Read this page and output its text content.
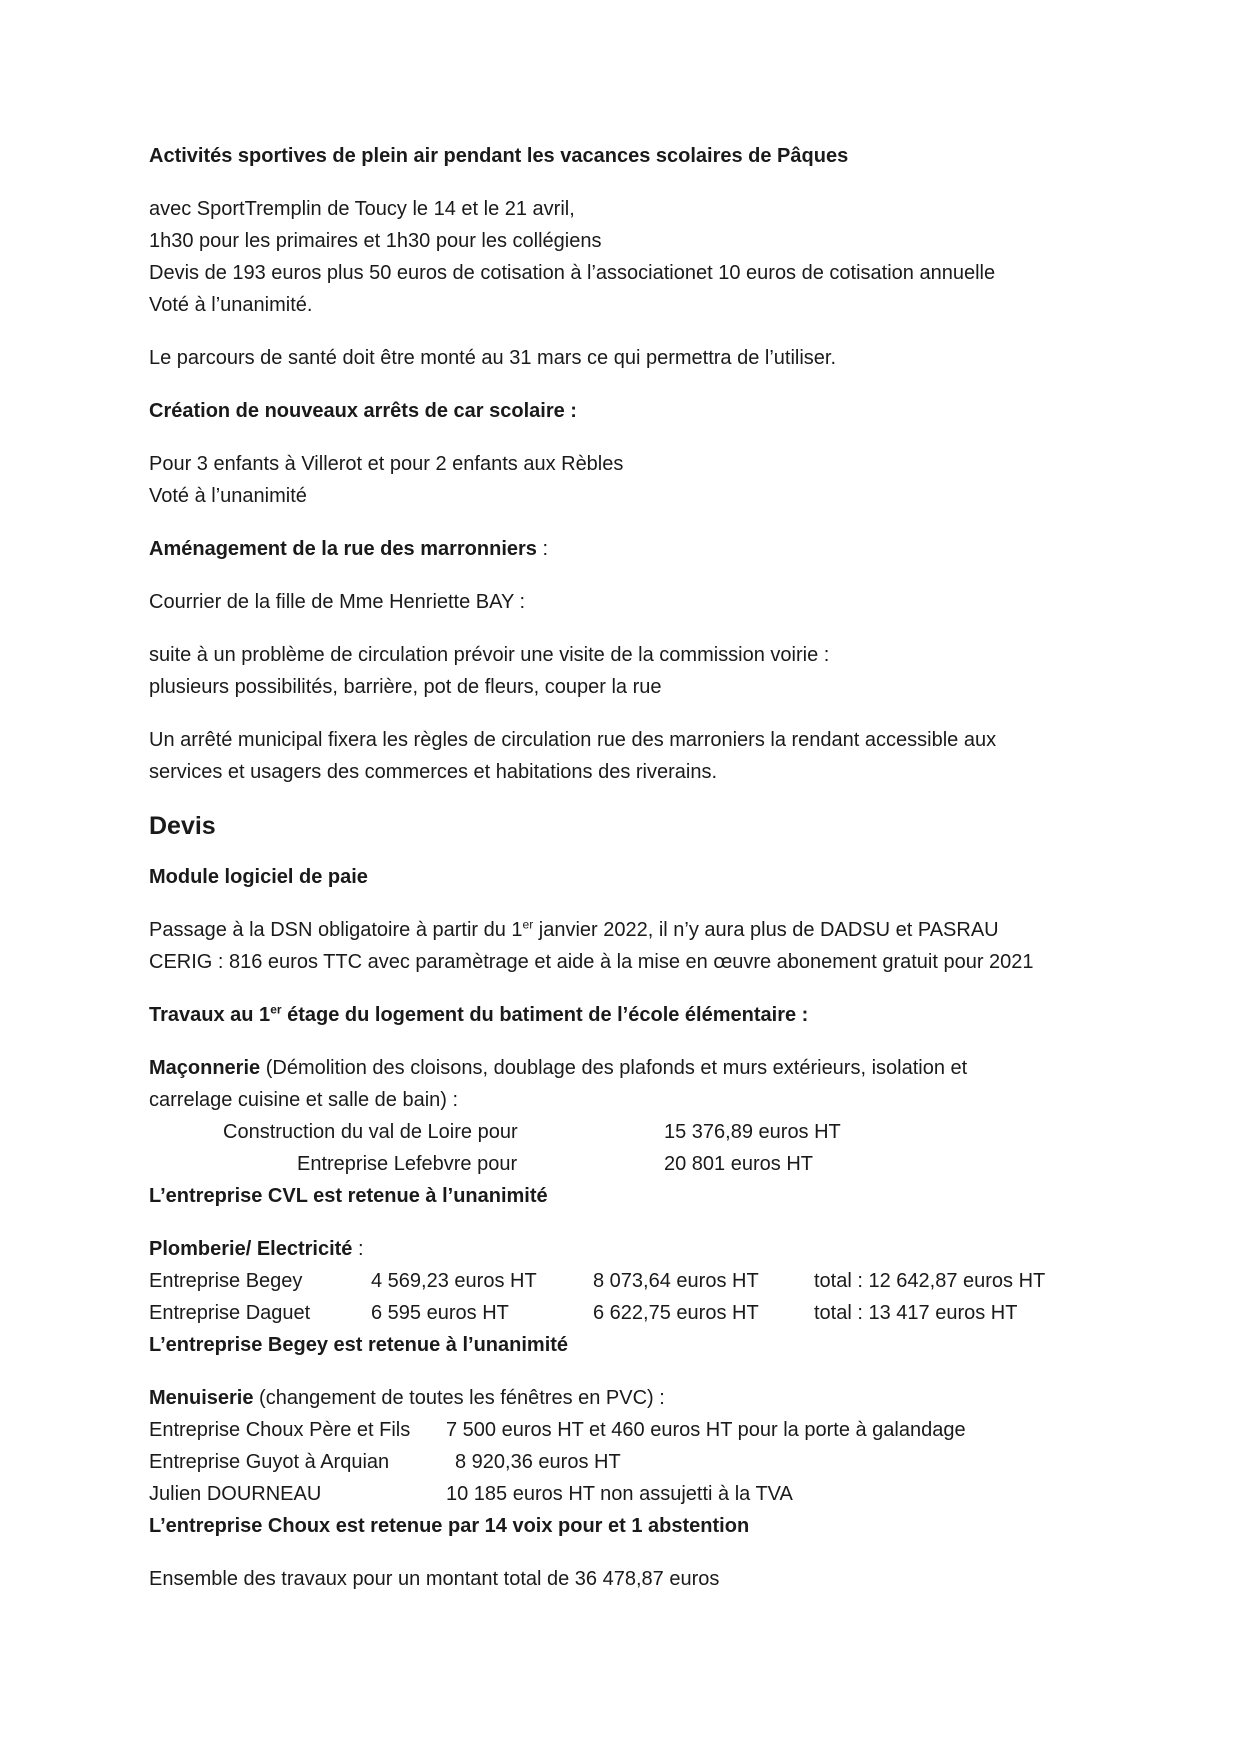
Activités sportives de plein air pendant les vacances scolaires de Pâques
avec SportTremplin de Toucy le 14 et le 21 avril,
1h30 pour les primaires et 1h30 pour les collégiens
Devis de 193 euros plus 50 euros de cotisation à l’associationet 10 euros de cotisation annuelle
Voté à l’unanimité.
Le parcours de santé doit être monté au 31 mars ce qui permettra de l’utiliser.
Création de nouveaux arrêts de car scolaire :
Pour 3 enfants à Villerot et pour 2 enfants aux Rèbles
Voté à l’unanimité
Aménagement de la rue des marronniers :
Courrier de la fille de Mme Henriette BAY :
suite à un problème de circulation prévoir une visite de la commission voirie :
plusieurs possibilités, barrière, pot de fleurs, couper la rue
Un arrêté municipal fixera les règles de circulation rue des marroniers la rendant accessible aux
services et usagers des commerces et habitations des riverains.
Devis
Module logiciel de paie
Passage à la DSN obligatoire à partir du 1er janvier 2022, il n’y aura plus de DADSU et PASRAU
CERIG : 816 euros TTC avec paramètrage et aide à la mise en œuvre abonement gratuit pour 2021
Travaux au 1er étage du logement du batiment de l’école élémentaire :
Maçonnerie (Démolition des cloisons, doublage des plafonds et murs extérieurs, isolation et
carrelage cuisine et salle de bain) :
Construction du val de Loire pour	15 376,89 euros HT
Entreprise Lefebvre pour	20 801 euros HT
L’entreprise CVL est retenue à l’unanimité
Plomberie/ Electricité :
Entreprise Begey	4 569,23 euros HT	8 073,64 euros HT	total : 12 642,87 euros HT
Entreprise Daguet	6 595 euros HT	6 622,75 euros HT	total : 13 417 euros HT
L’entreprise Begey est retenue à l’unanimité
Menuiserie (changement de toutes les fénêtres en PVC) :
Entreprise Choux Père et Fils 7 500 euros HT et 460 euros HT pour la porte à galandage
Entreprise Guyot à Arquian	8 920,36 euros HT
Julien DOURNEAU	10 185 euros HT non assujetti à la TVA
L’entreprise Choux est retenue par 14 voix pour et 1 abstention
Ensemble des travaux pour un montant total de 36 478,87 euros
